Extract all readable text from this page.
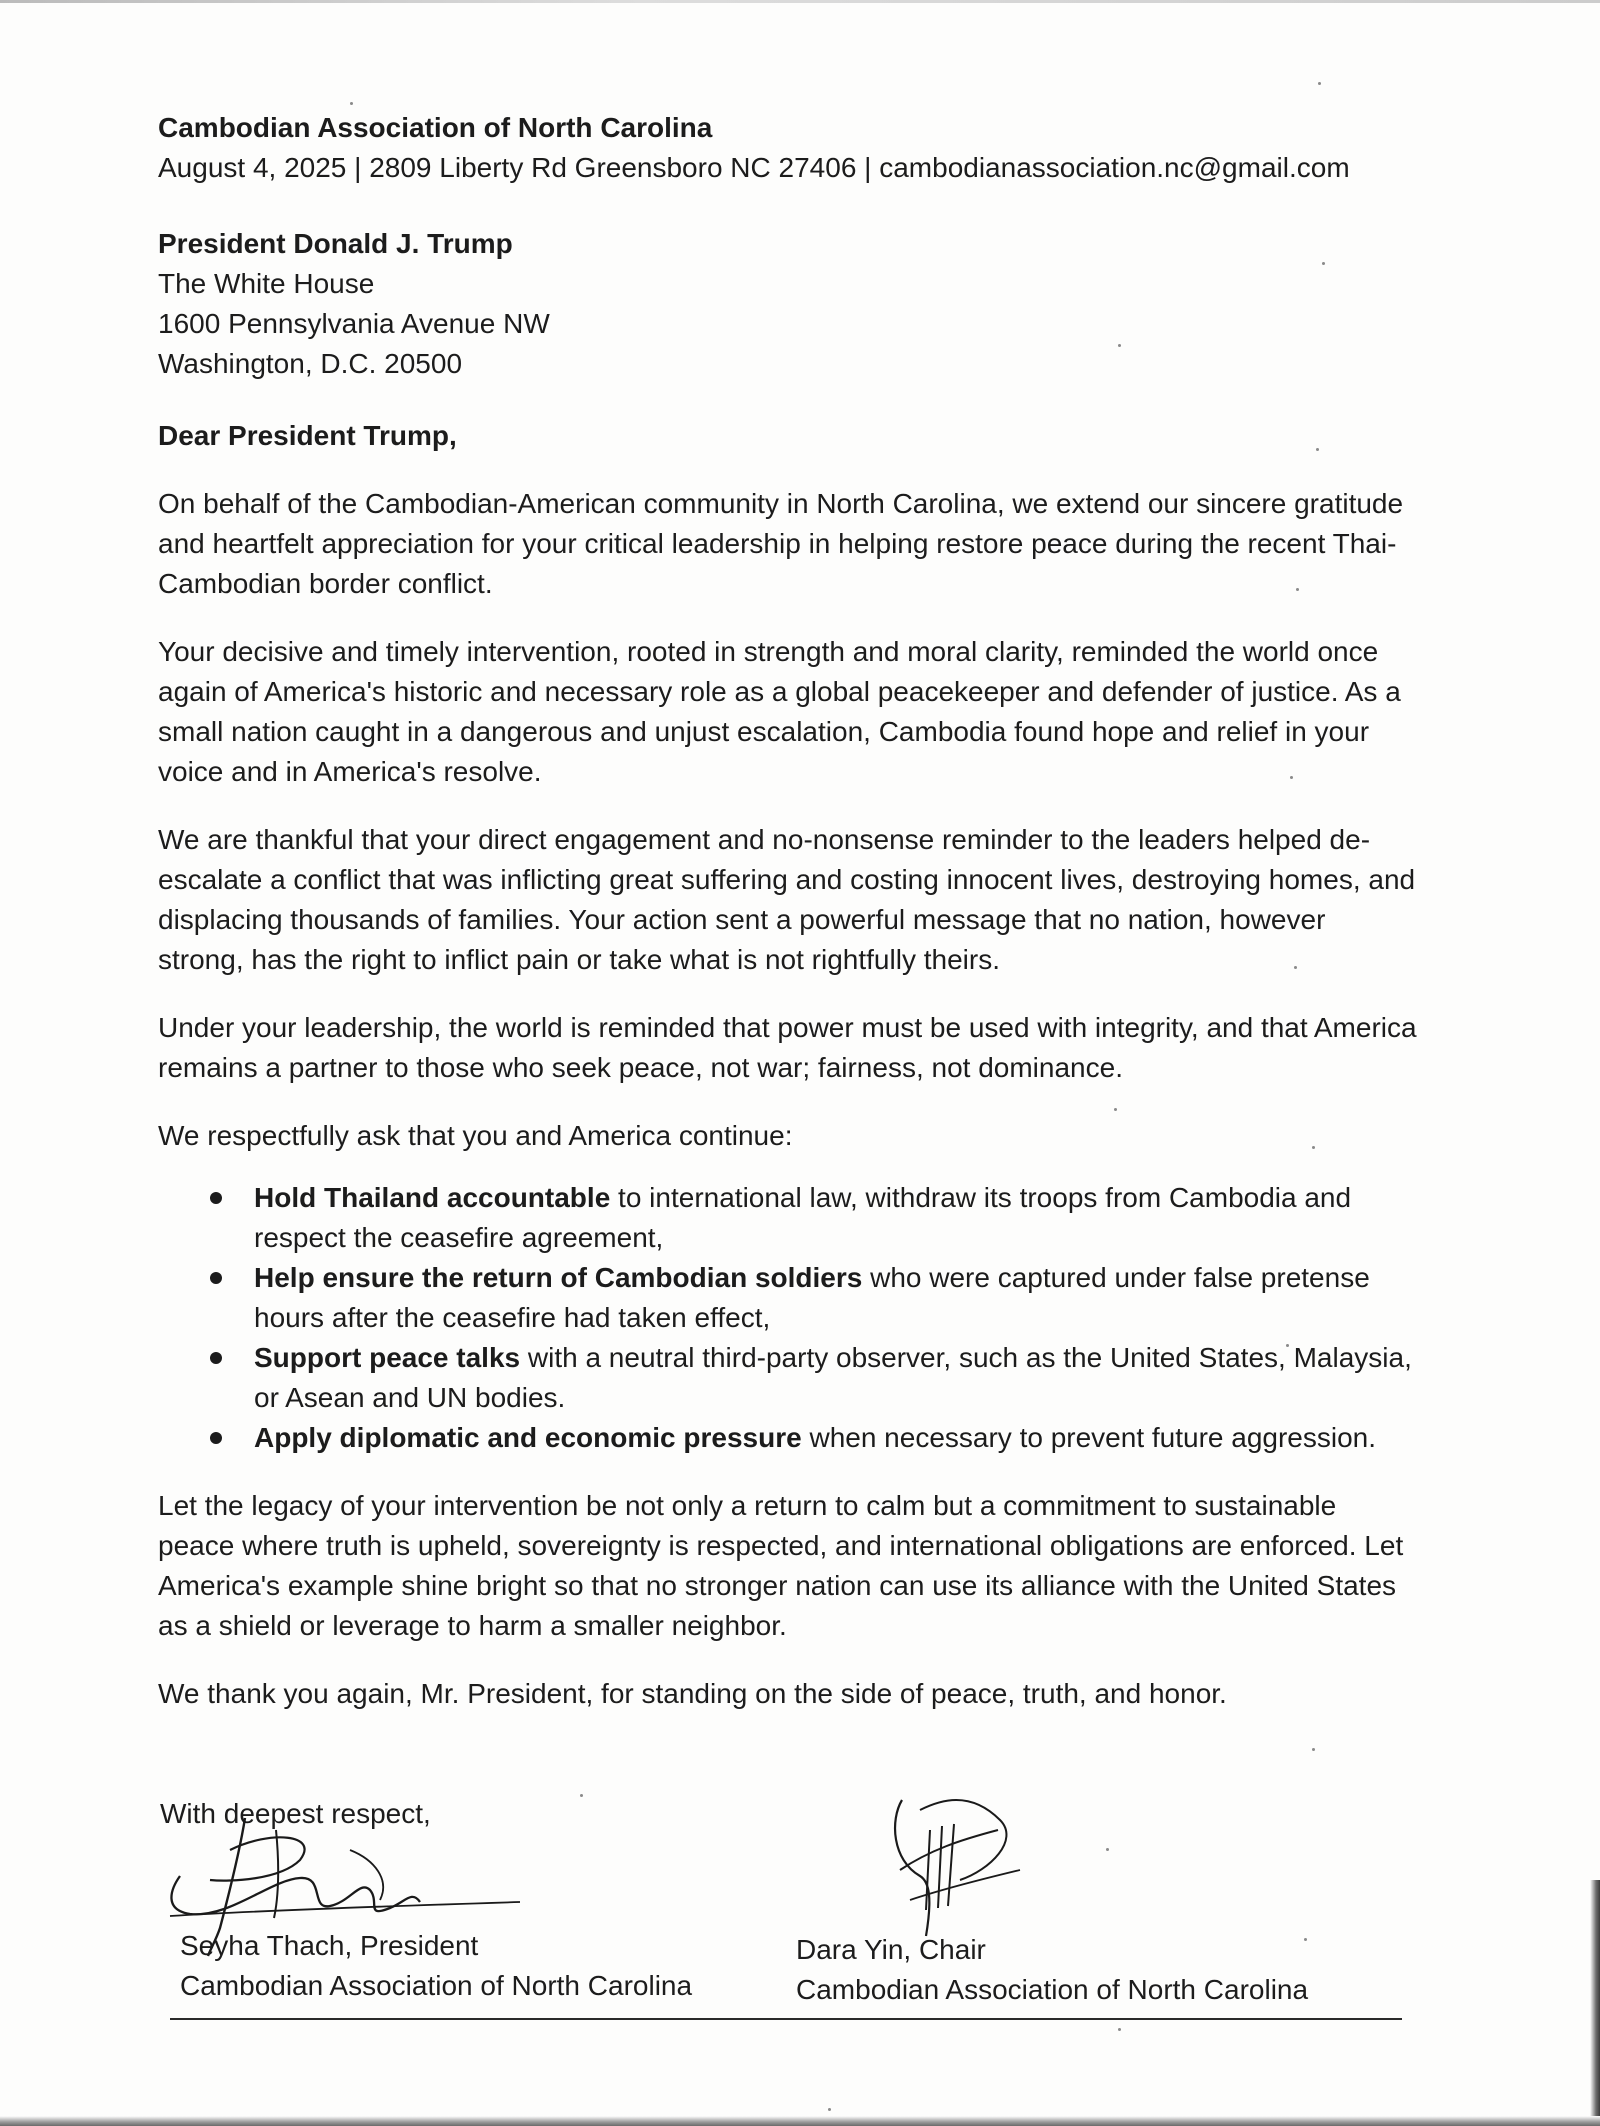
Cambodian Association of North Carolina
August 4, 2025 | 2809 Liberty Rd Greensboro NC 27406 | cambodianassociation.nc@gmail.com
President Donald J. Trump
The White House
1600 Pennsylvania Avenue NW
Washington, D.C. 20500
Dear President Trump,

On behalf of the Cambodian-American community in North Carolina, we extend our sincere gratitude and heartfelt appreciation for your critical leadership in helping restore peace during the recent Thai-Cambodian border conflict.

Your decisive and timely intervention, rooted in strength and moral clarity, reminded the world once again of America's historic and necessary role as a global peacekeeper and defender of justice. As a small nation caught in a dangerous and unjust escalation, Cambodia found hope and relief in your voice and in America's resolve.

We are thankful that your direct engagement and no-nonsense reminder to the leaders helped de-escalate a conflict that was inflicting great suffering and costing innocent lives, destroying homes, and displacing thousands of families. Your action sent a powerful message that no nation, however strong, has the right to inflict pain or take what is not rightfully theirs.

Under your leadership, the world is reminded that power must be used with integrity, and that America remains a partner to those who seek peace, not war; fairness, not dominance.

We respectfully ask that you and America continue:

Hold Thailand accountable to international law, withdraw its troops from Cambodia and respect the ceasefire agreement,
Help ensure the return of Cambodian soldiers who were captured under false pretense hours after the ceasefire had taken effect,
Support peace talks with a neutral third-party observer, such as the United States, Malaysia, or Asean and UN bodies.
Apply diplomatic and economic pressure when necessary to prevent future aggression.

Let the legacy of your intervention be not only a return to calm but a commitment to sustainable peace where truth is upheld, sovereignty is respected, and international obligations are enforced. Let America's example shine bright so that no stronger nation can use its alliance with the United States as a shield or leverage to harm a smaller neighbor.

We thank you again, Mr. President, for standing on the side of peace, truth, and honor.

With deepest respect,
Seyha Thach, President
Cambodian Association of North Carolina
Dara Yin, Chair
Cambodian Association of North Carolina
